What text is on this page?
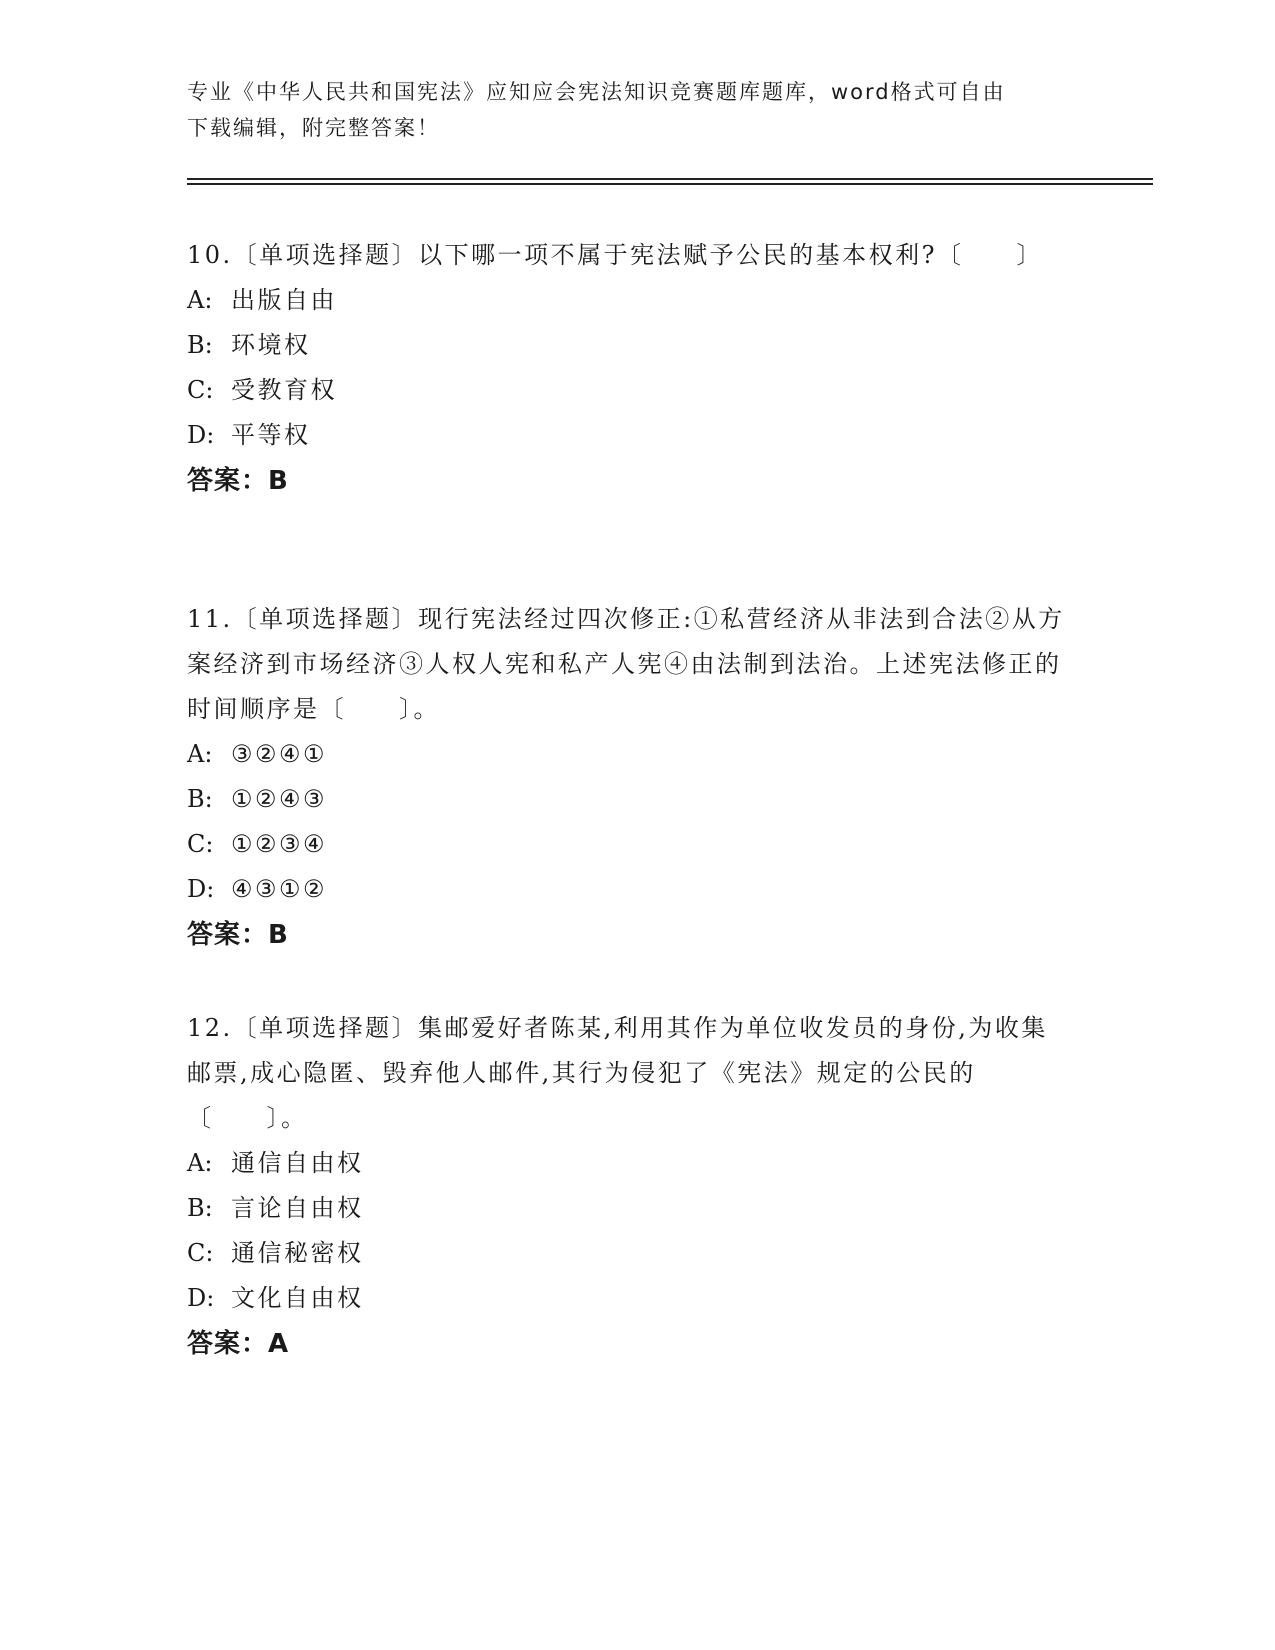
专业《中华人民共和国宪法》应知应会宪法知识竞赛题库题库，word格式可自由
下载编辑，附完整答案！

10.〔单项选择题〕以下哪一项不属于宪法赋予公民的基本权利?〔　　〕

A: 出版自由

B: 环境权

C: 受教育权

D: 平等权

答案：B

11.〔单项选择题〕现行宪法经过四次修正:①私营经济从非法到合法②从方案经济到市场经济③人权人宪和私产人宪④由法制到法治。上述宪法修正的时间顺序是〔　　〕。

A: ③②④①

B: ①②④③

C: ①②③④

D: ④③①②

答案：B

12.〔单项选择题〕集邮爱好者陈某,利用其作为单位收发员的身份,为收集邮票,成心隐匿、毁弃他人邮件,其行为侵犯了《宪法》规定的公民的〔　　〕。

A: 通信自由权

B: 言论自由权

C: 通信秘密权

D: 文化自由权

答案：A
